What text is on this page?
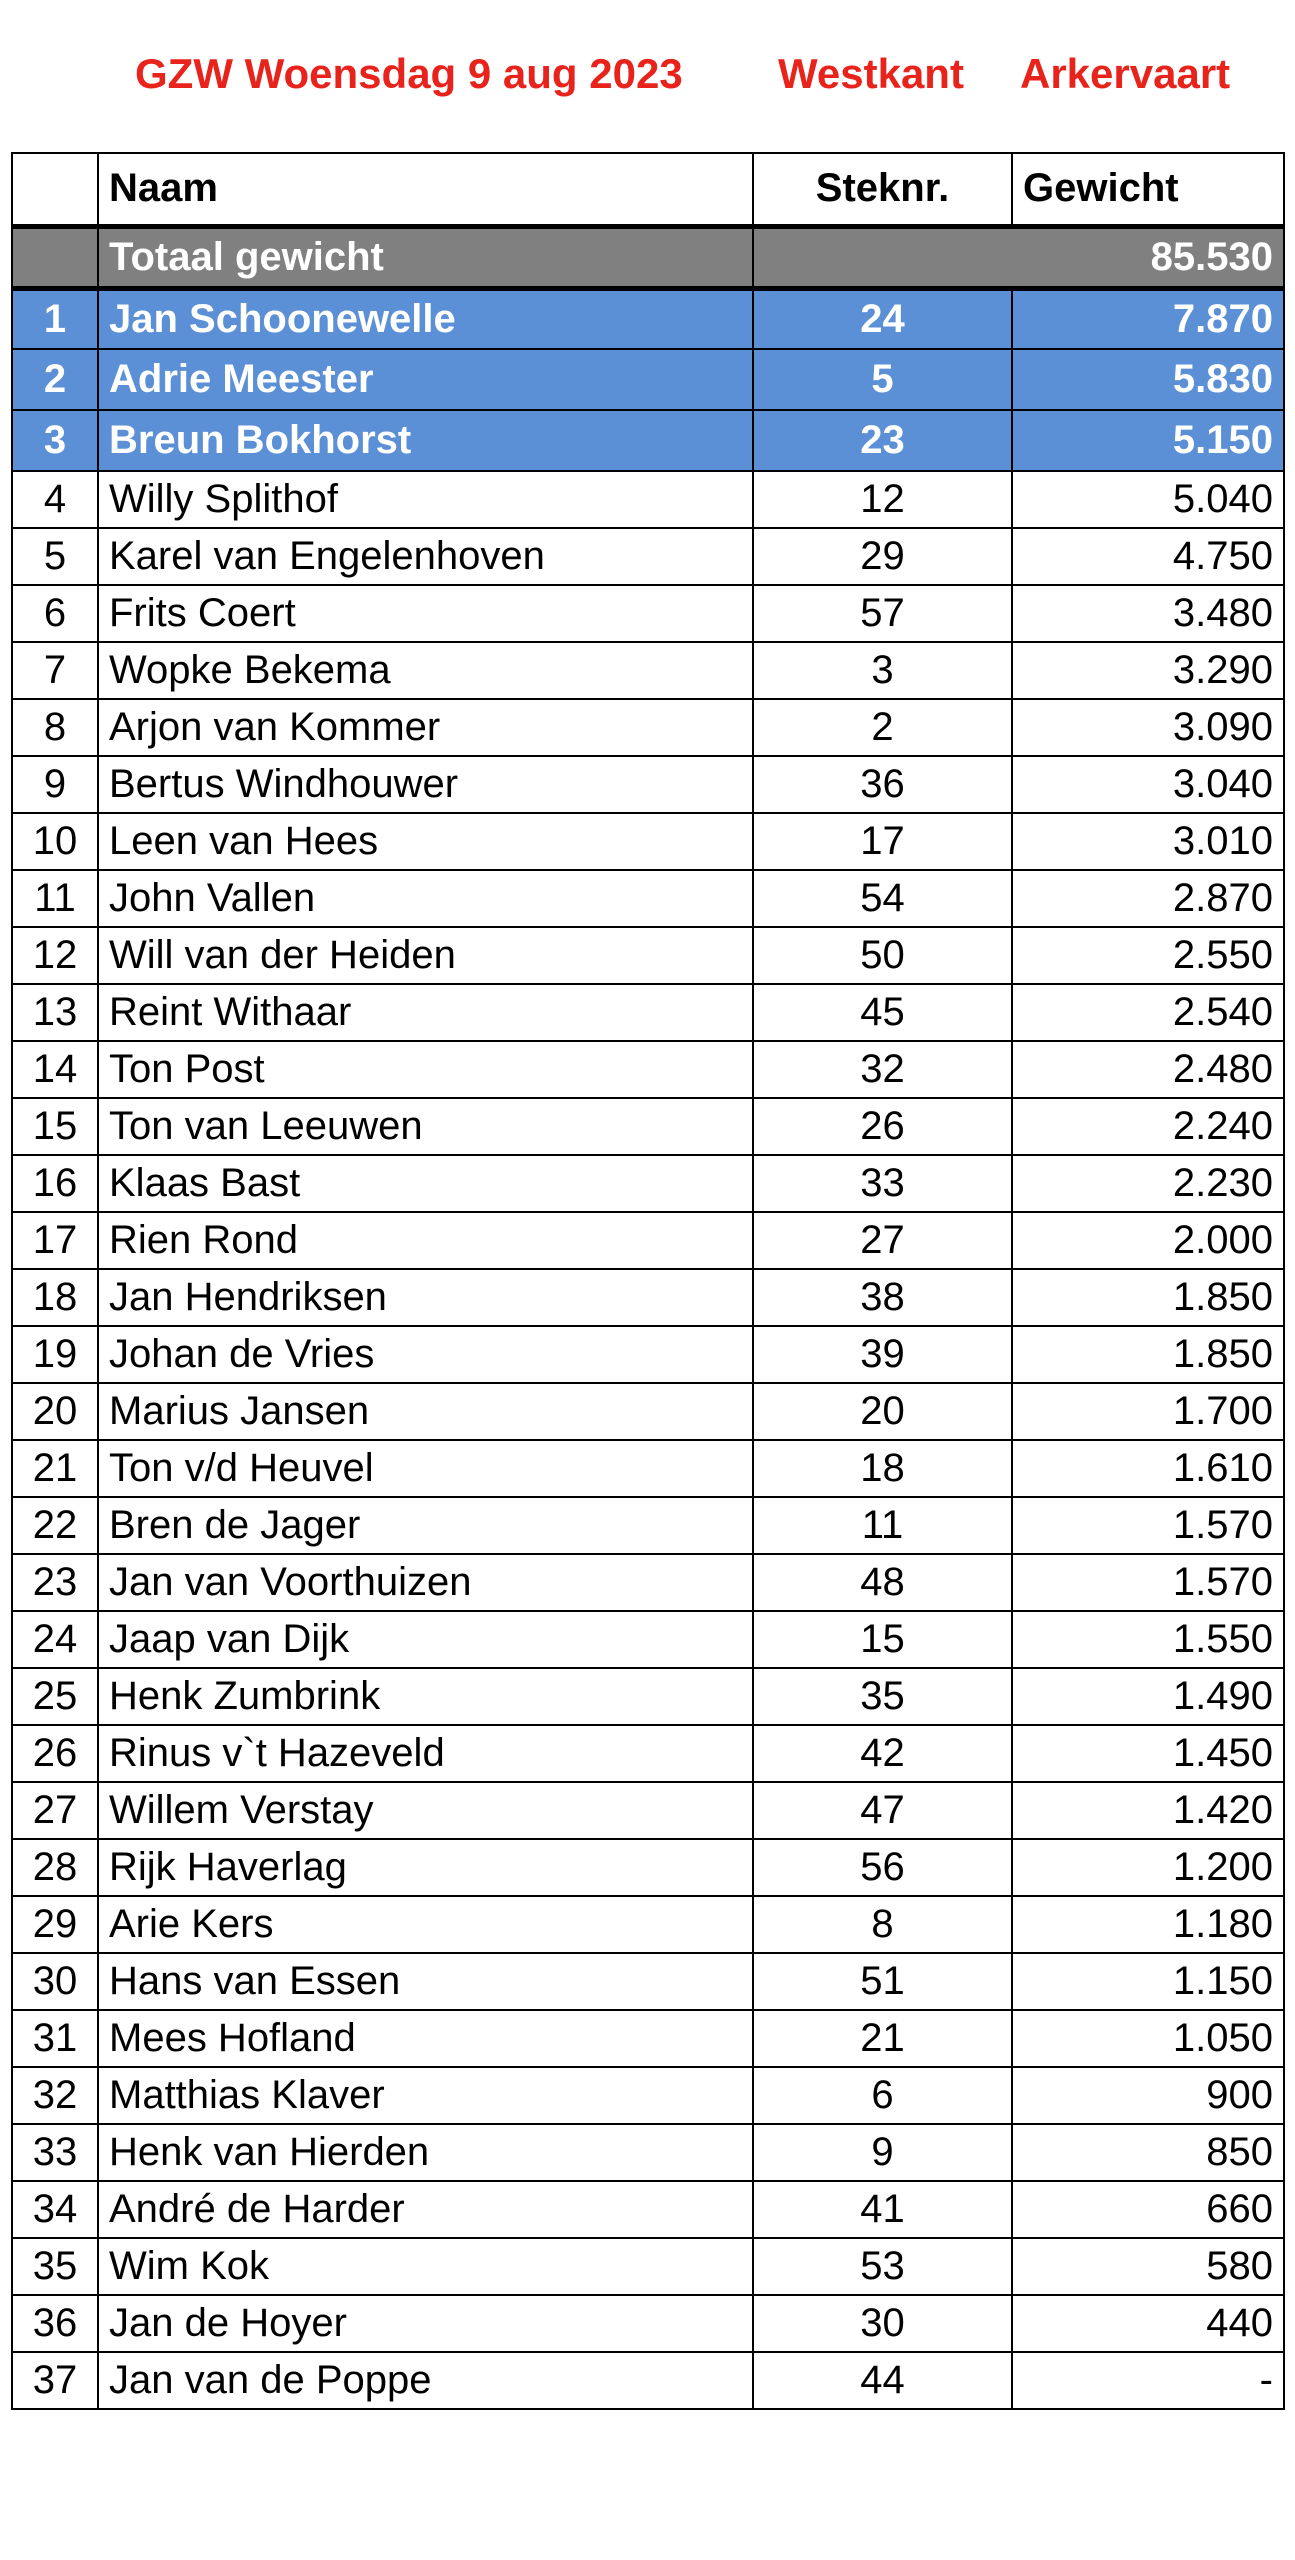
GZW Woensdag 9 aug 2023 Westkant Arkervaart
	Naam	Steknr.	Gewicht
	Totaal gewicht		85.530
1	Jan Schoonewelle	24	7.870
2	Adrie Meester	5	5.830
3	Breun Bokhorst	23	5.150
4	Willy Splithof	12	5.040
5	Karel van Engelenhoven	29	4.750
6	Frits Coert	57	3.480
7	Wopke Bekema	3	3.290
8	Arjon van Kommer	2	3.090
9	Bertus Windhouwer	36	3.040
10	Leen van Hees	17	3.010
11	John Vallen	54	2.870
12	Will van der Heiden	50	2.550
13	Reint Withaar	45	2.540
14	Ton Post	32	2.480
15	Ton van Leeuwen	26	2.240
16	Klaas Bast	33	2.230
17	Rien Rond	27	2.000
18	Jan Hendriksen	38	1.850
19	Johan de Vries	39	1.850
20	Marius Jansen	20	1.700
21	Ton v/d Heuvel	18	1.610
22	Bren de Jager	11	1.570
23	Jan van Voorthuizen	48	1.570
24	Jaap van Dijk	15	1.550
25	Henk Zumbrink	35	1.490
26	Rinus v`t Hazeveld	42	1.450
27	Willem Verstay	47	1.420
28	Rijk Haverlag	56	1.200
29	Arie Kers	8	1.180
30	Hans van Essen	51	1.150
31	Mees Hofland	21	1.050
32	Matthias Klaver	6	900
33	Henk van Hierden	9	850
34	André de Harder	41	660
35	Wim Kok	53	580
36	Jan de Hoyer	30	440
37	Jan van de Poppe	44	-
